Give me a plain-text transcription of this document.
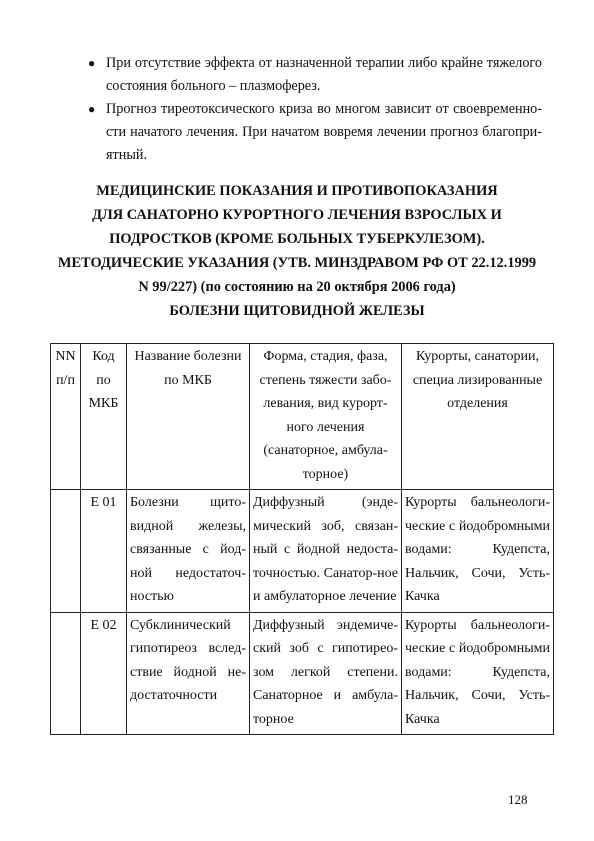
● При отсутствие эффекта от назначенной терапии либо крайне тяжелого состояния больного – плазмоферез.
● Прогноз тиреотоксического криза во многом зависит от своевременно-сти начатого лечения. При начатом вовремя лечении прогноз благопри-ятный.
МЕДИЦИНСКИЕ ПОКАЗАНИЯ И ПРОТИВОПОКАЗАНИЯ
ДЛЯ САНАТОРНО КУРОРТНОГО ЛЕЧЕНИЯ ВЗРОСЛЫХ И
ПОДРОСТКОВ (КРОМЕ БОЛЬНЫХ ТУБЕРКУЛЕЗОМ).
МЕТОДИЧЕСКИЕ УКАЗАНИЯ (УТВ. МИНЗДРАВОМ РФ ОТ 22.12.1999
N 99/227) (по состоянию на 20 октября 2006 года)
БОЛЕЗНИ ЩИТОВИДНОЙ ЖЕЛЕЗЫ
NN п/п	Код по МКБ	Название болезни по МКБ	Форма, стадия, фаза, степень тяжести забо-левания, вид курорт-ного лечения (санаторное, амбула-торное)	Курорты, санатории, специа лизированные отделения
	Е 01	Болезни щито-видной железы, связанные с йод-ной недостаточ-ностью	Диффузный (энде-мический зоб, связан-ный с йодной недоста-точностью. Санатор-ное и амбулаторное лечение	Курорты бальнеологи-ческие с йодобромными водами: Кудепста, Нальчик, Сочи, Усть-Качка
	Е 02	Субклинический гипотиреоз вслед-ствие йодной не-достаточности	Диффузный эндемиче-ский зоб с гипотирео-зом легкой степени. Санаторное и амбула-торное	Курорты бальнеологи-ческие с йодобромными водами: Кудепста, Нальчик, Сочи, Усть-Качка
128
